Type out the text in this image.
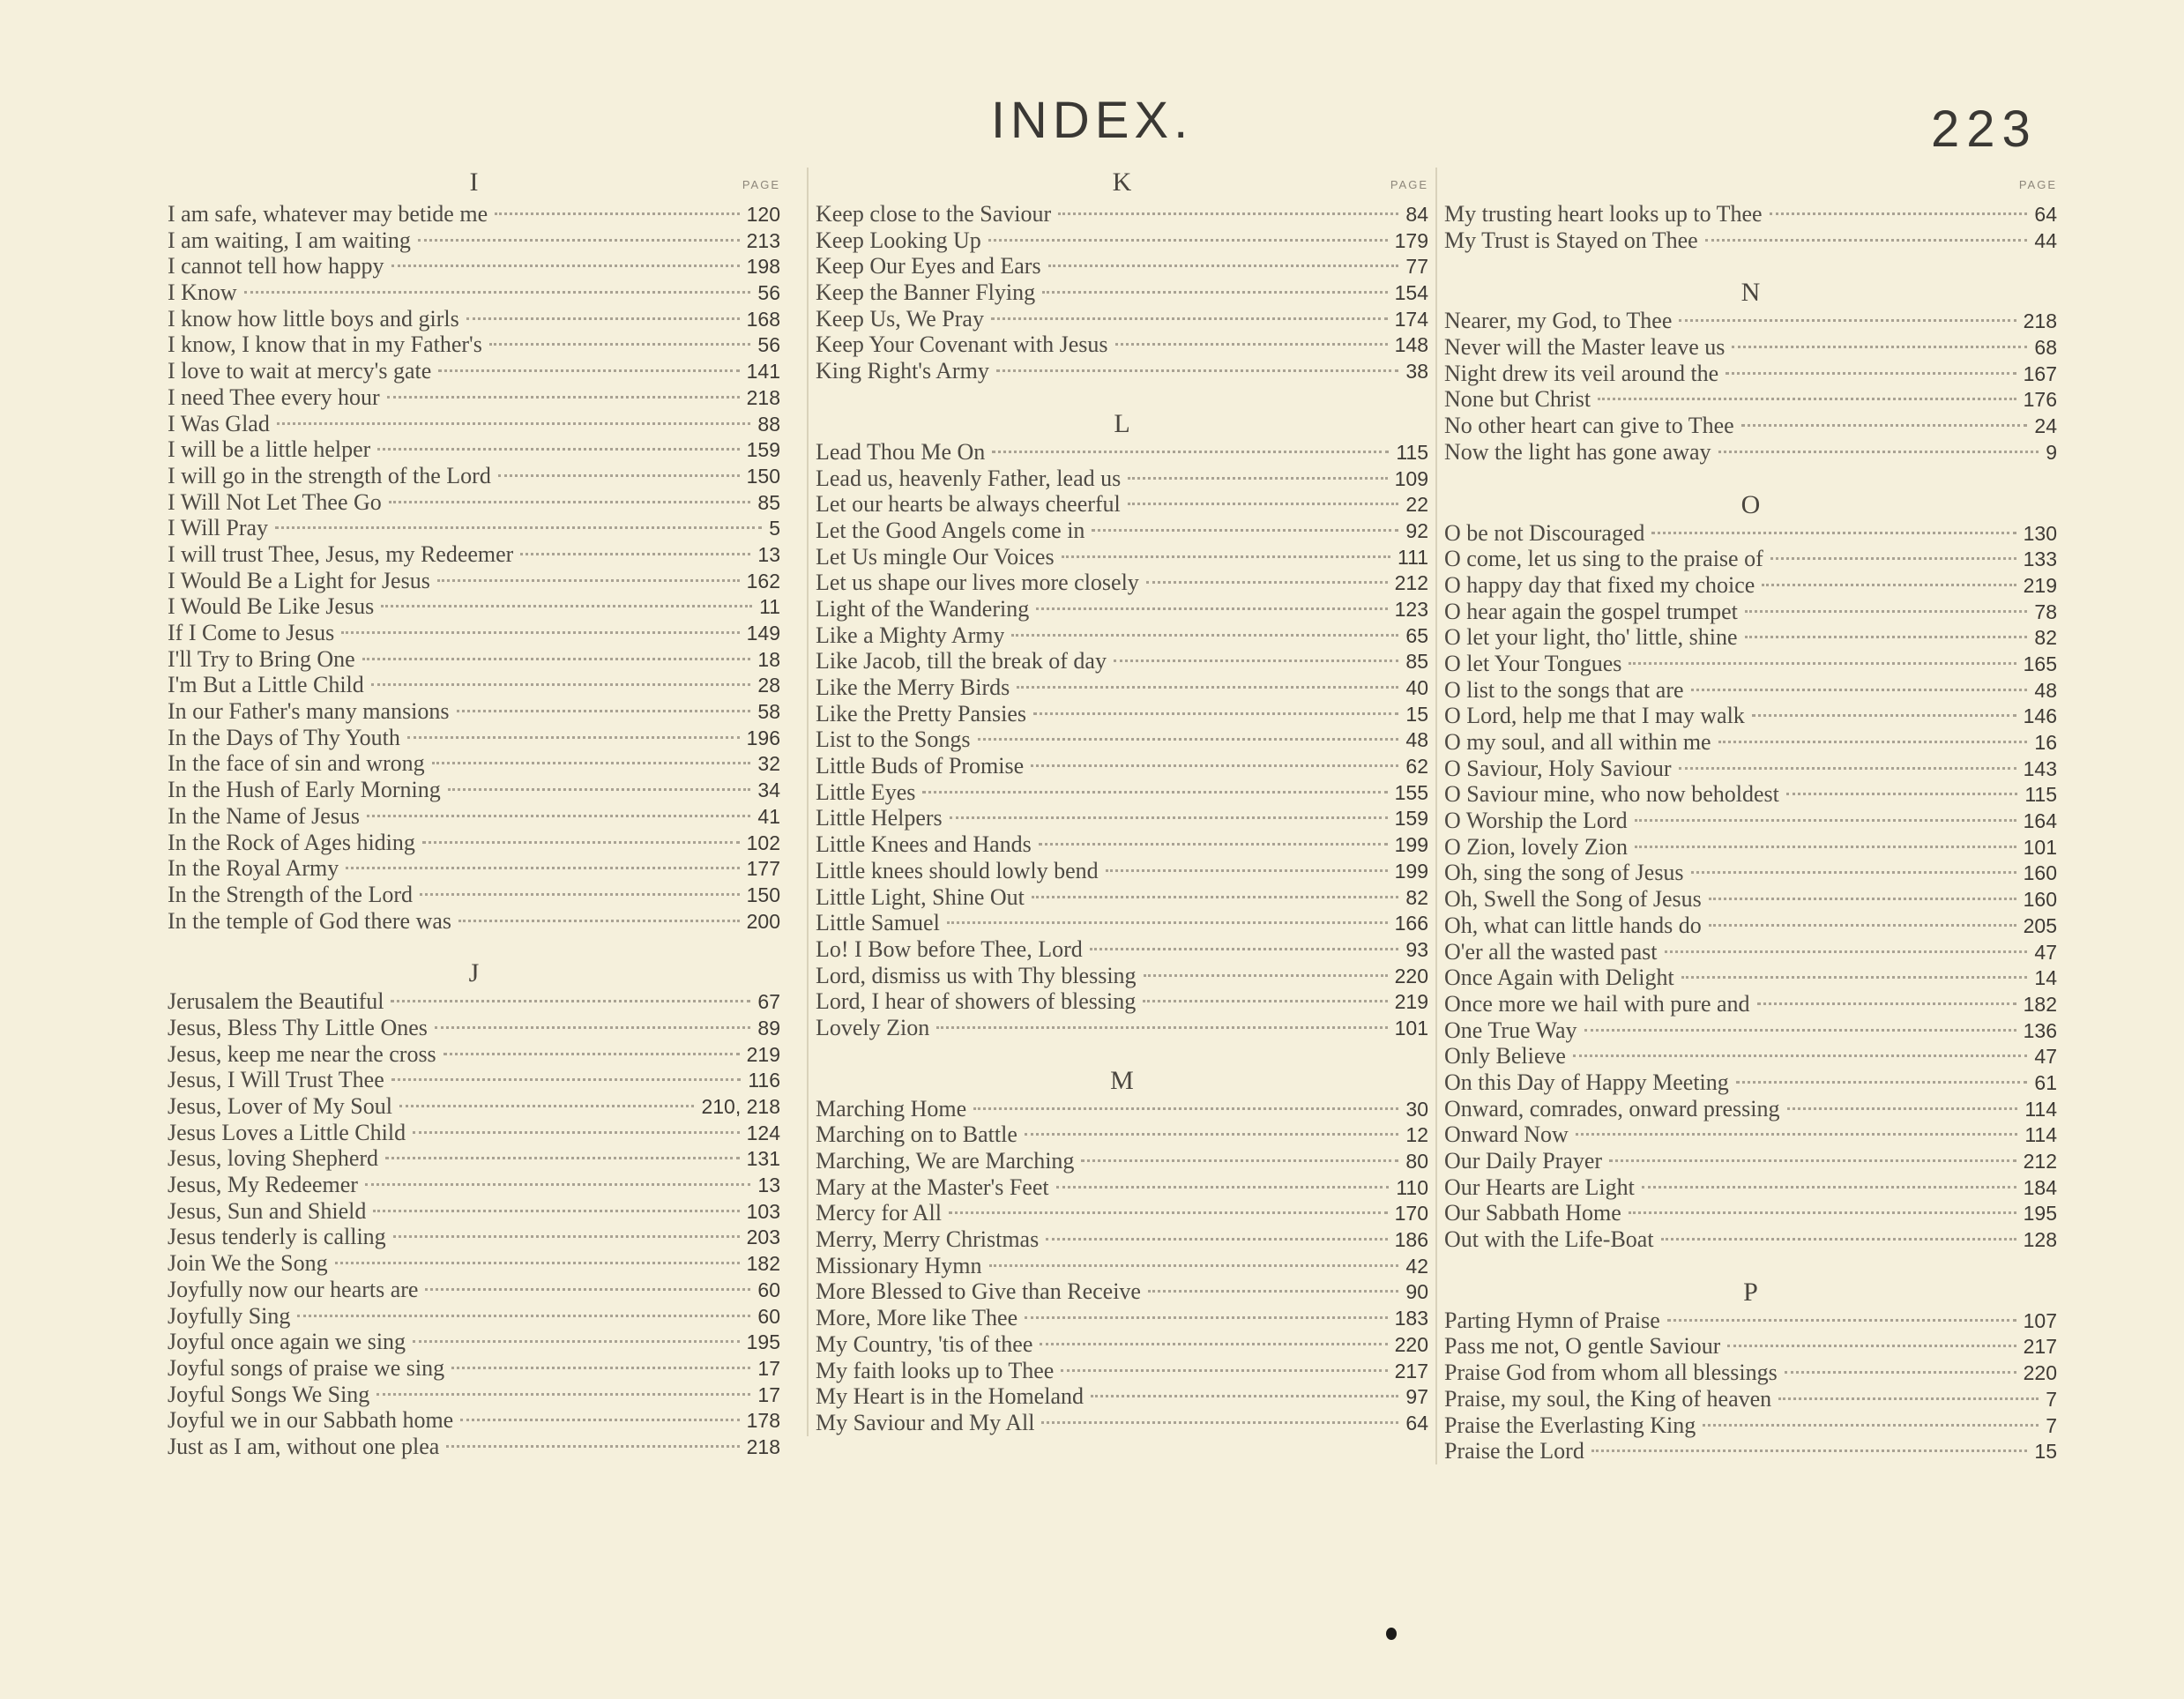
INDEX.	223
PAGE
I
I am safe, whatever may betide me	120
I am waiting, I am waiting	213
I cannot tell how happy	198
I Know	56
I know how little boys and girls	168
I know, I know that in my Father's	56
I love to wait at mercy's gate	141
I need Thee every hour	218
I Was Glad	88
I will be a little helper	159
I will go in the strength of the Lord	150
I Will Not Let Thee Go	85
I Will Pray	5
I will trust Thee, Jesus, my Redeemer	13
I Would Be a Light for Jesus	162
I Would Be Like Jesus	11
If I Come to Jesus	149
I'll Try to Bring One	18
I'm But a Little Child	28
In our Father's many mansions	58
In the Days of Thy Youth	196
In the face of sin and wrong	32
In the Hush of Early Morning	34
In the Name of Jesus	41
In the Rock of Ages hiding	102
In the Royal Army	177
In the Strength of the Lord	150
In the temple of God there was	200
J
Jerusalem the Beautiful	67
Jesus, Bless Thy Little Ones	89
Jesus, keep me near the cross	219
Jesus, I Will Trust Thee	116
Jesus, Lover of My Soul	210, 218
Jesus Loves a Little Child	124
Jesus, loving Shepherd	131
Jesus, My Redeemer	13
Jesus, Sun and Shield	103
Jesus tenderly is calling	203
Join We the Song	182
Joyfully now our hearts are	60
Joyfully Sing	60
Joyful once again we sing	195
Joyful songs of praise we sing	17
Joyful Songs We Sing	17
Joyful we in our Sabbath home	178
Just as I am, without one plea	218
PAGE
K
Keep close to the Saviour	84
Keep Looking Up	179
Keep Our Eyes and Ears	77
Keep the Banner Flying	154
Keep Us, We Pray	174
Keep Your Covenant with Jesus	148
King Right's Army	38
L
Lead Thou Me On	115
Lead us, heavenly Father, lead us	109
Let our hearts be always cheerful	22
Let the Good Angels come in	92
Let Us mingle Our Voices	111
Let us shape our lives more closely	212
Light of the Wandering	123
Like a Mighty Army	65
Like Jacob, till the break of day	85
Like the Merry Birds	40
Like the Pretty Pansies	15
List to the Songs	48
Little Buds of Promise	62
Little Eyes	155
Little Helpers	159
Little Knees and Hands	199
Little knees should lowly bend	199
Little Light, Shine Out	82
Little Samuel	166
Lo! I Bow before Thee, Lord	93
Lord, dismiss us with Thy blessing	220
Lord, I hear of showers of blessing	219
Lovely Zion	101
M
Marching Home	30
Marching on to Battle	12
Marching, We are Marching	80
Mary at the Master's Feet	110
Mercy for All	170
Merry, Merry Christmas	186
Missionary Hymn	42
More Blessed to Give than Receive	90
More, More like Thee	183
My Country, 'tis of thee	220
My faith looks up to Thee	217
My Heart is in the Homeland	97
My Saviour and My All	64
PAGE
My trusting heart looks up to Thee	64
My Trust is Stayed on Thee	44
N
Nearer, my God, to Thee	218
Never will the Master leave us	68
Night drew its veil around the	167
None but Christ	176
No other heart can give to Thee	24
Now the light has gone away	9
O
O be not Discouraged	130
O come, let us sing to the praise of	133
O happy day that fixed my choice	219
O hear again the gospel trumpet	78
O let your light, tho' little, shine	82
O let Your Tongues	165
O list to the songs that are	48
O Lord, help me that I may walk	146
O my soul, and all within me	16
O Saviour, Holy Saviour	143
O Saviour mine, who now beholdest	115
O Worship the Lord	164
O Zion, lovely Zion	101
Oh, sing the song of Jesus	160
Oh, Swell the Song of Jesus	160
Oh, what can little hands do	205
O'er all the wasted past	47
Once Again with Delight	14
Once more we hail with pure and	182
One True Way	136
Only Believe	47
On this Day of Happy Meeting	61
Onward, comrades, onward pressing	114
Onward Now	114
Our Daily Prayer	212
Our Hearts are Light	184
Our Sabbath Home	195
Out with the Life-Boat	128
P
Parting Hymn of Praise	107
Pass me not, O gentle Saviour	217
Praise God from whom all blessings	220
Praise, my soul, the King of heaven	7
Praise the Everlasting King	7
Praise the Lord	15
